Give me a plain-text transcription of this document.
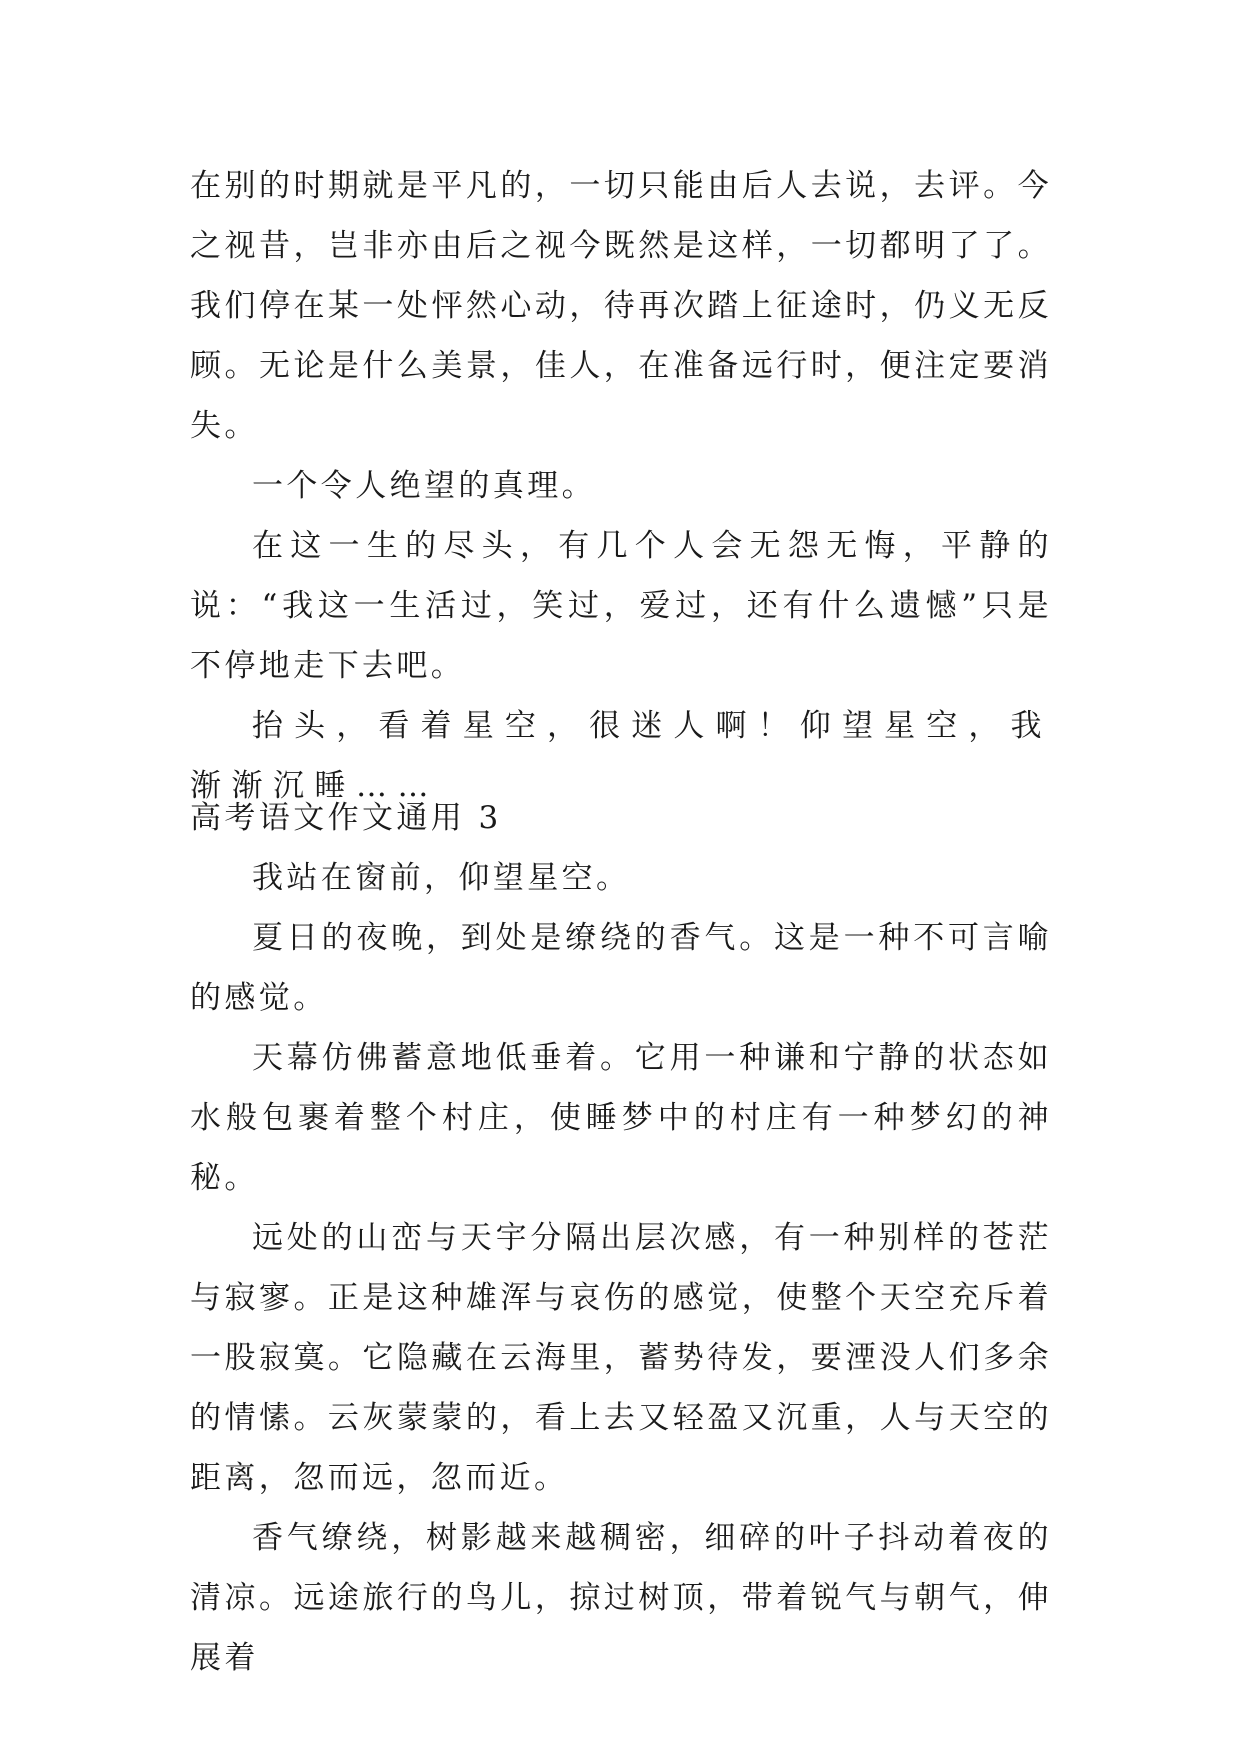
在别的时期就是平凡的，一切只能由后人去说，去评。今之视昔，岂非亦由后之视今既然是这样，一切都明了了。我们停在某一处怦然心动，待再次踏上征途时，仍义无反顾。无论是什么美景，佳人，在准备远行时，便注定要消失。

一个令人绝望的真理。

在这一生的尽头，有几个人会无怨无悔，平静的说：“我这一生活过，笑过，爱过，还有什么遗憾”只是不停地走下去吧。

抬头，看着星空，很迷人啊！仰望星空，我渐渐沉睡……

高考语文作文通用 3

我站在窗前，仰望星空。

夏日的夜晚，到处是缭绕的香气。这是一种不可言喻的感觉。

天幕仿佛蓄意地低垂着。它用一种谦和宁静的状态如水般包裹着整个村庄，使睡梦中的村庄有一种梦幻的神秘。

远处的山峦与天宇分隔出层次感，有一种别样的苍茫与寂寥。正是这种雄浑与哀伤的感觉，使整个天空充斥着一股寂寞。它隐藏在云海里，蓄势待发，要湮没人们多余的情愫。云灰蒙蒙的，看上去又轻盈又沉重，人与天空的距离，忽而远，忽而近。

香气缭绕，树影越来越稠密，细碎的叶子抖动着夜的清凉。远途旅行的鸟儿，掠过树顶，带着锐气与朝气，伸展着
